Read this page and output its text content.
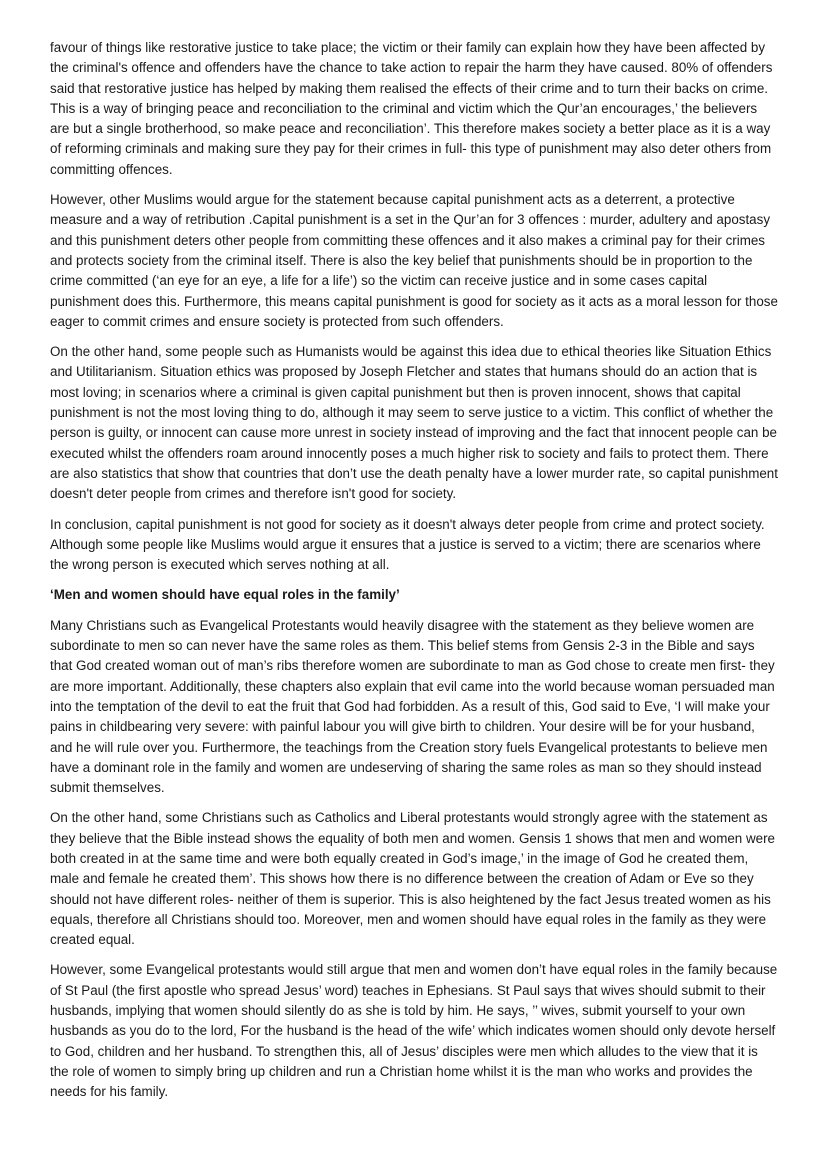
favour of things like restorative justice to take place; the victim or their family can explain how they have been affected by the criminal's offence and offenders have the chance to take action to repair the harm they have caused. 80% of offenders said that restorative justice has helped by making them realised the effects of their crime and to turn their backs on crime. This is a way of bringing peace and reconciliation to the criminal and victim which the Qur’an encourages,’ the believers are but a single brotherhood, so make peace and reconciliation’. This therefore makes society a better place as it is a way of reforming criminals and making sure they pay for their crimes in full- this type of punishment may also deter others from committing offences.

However, other Muslims would argue for the statement because capital punishment acts as a deterrent, a protective measure and a way of retribution .Capital punishment is a set in the Qur’an for 3 offences : murder, adultery and apostasy and this punishment deters other people from committing these offences and it also makes a criminal pay for their crimes and protects society from the criminal itself. There is also the key belief that punishments should be in proportion to the crime committed (‘an eye for an eye, a life for a life’) so the victim can receive justice and in some cases capital punishment does this. Furthermore, this means capital punishment is good for society as it acts as a moral lesson for those eager to commit crimes and ensure society is protected from such offenders.

On the other hand, some people such as Humanists would be against this idea due to ethical theories like Situation Ethics and Utilitarianism. Situation ethics was proposed by Joseph Fletcher and states that humans should do an action that is most loving; in scenarios where a criminal is given capital punishment but then is proven innocent, shows that capital punishment is not the most loving thing to do, although it may seem to serve justice to a victim. This conflict of whether the person is guilty, or innocent can cause more unrest in society instead of improving and the fact that innocent people can be executed whilst the offenders roam around innocently poses a much higher risk to society and fails to protect them. There are also statistics that show that countries that don’t use the death penalty have a lower murder rate, so capital punishment doesn't deter people from crimes and therefore isn't good for society.

In conclusion, capital punishment is not good for society as it doesn't always deter people from crime and protect society. Although some people like Muslims would argue it ensures that a justice is served to a victim; there are scenarios where the wrong person is executed which serves nothing at all.

‘Men and women should have equal roles in the family’

Many Christians such as Evangelical Protestants would heavily disagree with the statement as they believe women are subordinate to men so can never have the same roles as them. This belief stems from Gensis 2-3 in the Bible and says that God created woman out of man’s ribs therefore women are subordinate to man as God chose to create men first- they are more important. Additionally, these chapters also explain that evil came into the world because woman persuaded man into the temptation of the devil to eat the fruit that God had forbidden. As a result of this, God said to Eve, ‘I will make your pains in childbearing very severe: with painful labour you will give birth to children. Your desire will be for your husband, and he will rule over you. Furthermore, the teachings from the Creation story fuels Evangelical protestants to believe men have a dominant role in the family and women are undeserving of sharing the same roles as man so they should instead submit themselves.

On the other hand, some Christians such as Catholics and Liberal protestants would strongly agree with the statement as they believe that the Bible instead shows the equality of both men and women. Gensis 1 shows that men and women were both created in at the same time and were both equally created in God’s image,’ in the image of God he created them, male and female he created them’. This shows how there is no difference between the creation of Adam or Eve so they should not have different roles- neither of them is superior. This is also heightened by the fact Jesus treated women as his equals, therefore all Christians should too. Moreover, men and women should have equal roles in the family as they were created equal.

However, some Evangelical protestants would still argue that men and women don’t have equal roles in the family because of St Paul (the first apostle who spread Jesus’ word) teaches in Ephesians. St Paul says that wives should submit to their husbands, implying that women should silently do as she is told by him. He says, ’’ wives, submit yourself to your own husbands as you do to the lord, For the husband is the head of the wife’ which indicates women should only devote herself to God, children and her husband. To strengthen this, all of Jesus’ disciples were men which alludes to the view that it is the role of women to simply bring up children and run a Christian home whilst it is the man who works and provides the needs for his family.
